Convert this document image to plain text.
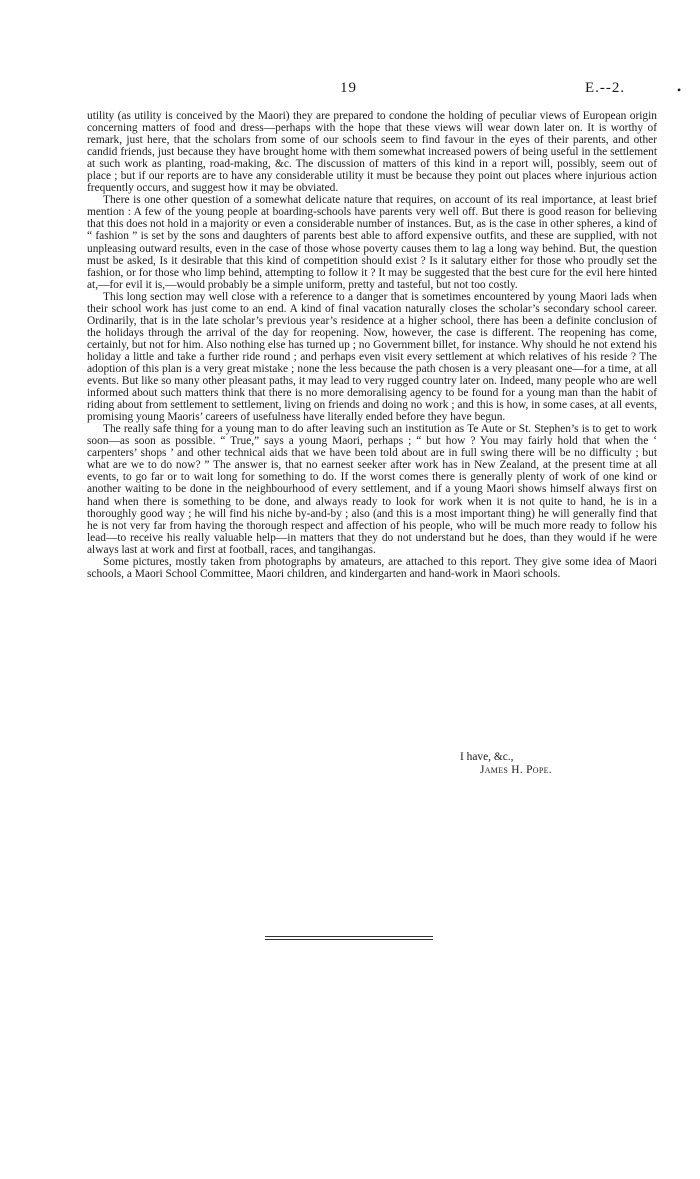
19	E.--2.	•

utility (as utility is conceived by the Maori) they are prepared to condone the holding of peculiar views of European origin concerning matters of food and dress—perhaps with the hope that these views will wear down later on. It is worthy of remark, just here, that the scholars from some of our schools seem to find favour in the eyes of their parents, and other candid friends, just because they have brought home with them somewhat increased powers of being useful in the settlement at such work as planting, road-making, &c. The discussion of matters of this kind in a report will, possibly, seem out of place ; but if our reports are to have any considerable utility it must be because they point out places where injurious action frequently occurs, and suggest how it may be obviated.

There is one other question of a somewhat delicate nature that requires, on account of its real importance, at least brief mention : A few of the young people at boarding-schools have parents very well off. But there is good reason for believing that this does not hold in a majority or even a considerable number of instances. But, as is the case in other spheres, a kind of “ fashion ” is set by the sons and daughters of parents best able to afford expensive outfits, and these are supplied, with not unpleasing outward results, even in the case of those whose poverty causes them to lag a long way behind. But, the question must be asked, Is it desirable that this kind of competition should exist ? Is it salutary either for those who proudly set the fashion, or for those who limp behind, attempting to follow it ? It may be suggested that the best cure for the evil here hinted at,—for evil it is,—would probably be a simple uniform, pretty and tasteful, but not too costly.

This long section may well close with a reference to a danger that is sometimes encountered by young Maori lads when their school work has just come to an end. A kind of final vacation naturally closes the scholar’s secondary school career. Ordinarily, that is in the late scholar’s previous year’s residence at a higher school, there has been a definite conclusion of the holidays through the arrival of the day for reopening. Now, however, the case is different. The reopening has come, certainly, but not for him. Also nothing else has turned up ; no Government billet, for instance. Why should he not extend his holiday a little and take a further ride round ; and perhaps even visit every settlement at which relatives of his reside ? The adoption of this plan is a very great mistake ; none the less because the path chosen is a very pleasant one—for a time, at all events. But like so many other pleasant paths, it may lead to very rugged country later on. Indeed, many people who are well informed about such matters think that there is no more demoralising agency to be found for a young man than the habit of riding about from settlement to settlement, living on friends and doing no work ; and this is how, in some cases, at all events, promising young Maoris’ careers of usefulness have literally ended before they have begun.

The really safe thing for a young man to do after leaving such an institution as Te Aute or St. Stephen’s is to get to work soon—as soon as possible. “ True,” says a young Maori, perhaps ; “ but how ? You may fairly hold that when the ‘ carpenters’ shops ’ and other technical aids that we have been told about are in full swing there will be no difficulty ; but what are we to do now? ” The answer is, that no earnest seeker after work has in New Zealand, at the present time at all events, to go far or to wait long for something to do. If the worst comes there is generally plenty of work of one kind or another waiting to be done in the neighbourhood of every settlement, and if a young Maori shows himself always first on hand when there is something to be done, and always ready to look for work when it is not quite to hand, he is in a thoroughly good way ; he will find his niche by-and-by ; also (and this is a most important thing) he will generally find that he is not very far from having the thorough respect and affection of his people, who will be much more ready to follow his lead—to receive his really valuable help—in matters that they do not understand but he does, than they would if he were always last at work and first at football, races, and tangihangas.

Some pictures, mostly taken from photographs by amateurs, are attached to this report. They give some idea of Maori schools, a Maori School Committee, Maori children, and kindergarten and hand-work in Maori schools.

I have, &c.,
James H. Pope.
